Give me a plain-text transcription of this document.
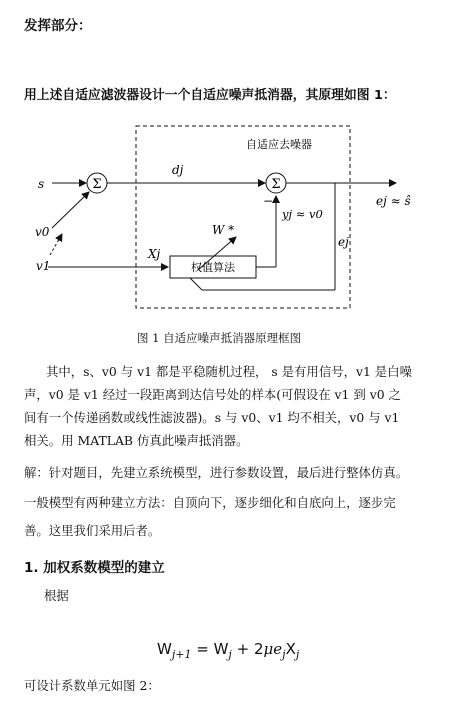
发挥部分：
用上述自适应滤波器设计一个自适应噪声抵消器，其原理如图 1：
自适应去噪器
Σ	Σ
s
v0
v1
dj
ej ≈ ŝ
−
ej
Xj
权值算法
yj ≈ v0
W *
图 1 自适应噪声抵消器原理框图
其中，s、v0 与 v1 都是平稳随机过程， s 是有用信号，v1 是白噪
声，v0 是 v1 经过一段距离到达信号处的样本(可假设在 v1 到 v0 之
间有一个传递函数或线性滤波器)。s 与 v0、v1 均不相关，v0 与 v1
相关。用 MATLAB 仿真此噪声抵消器。
解：针对题目，先建立系统模型，进行参数设置，最后进行整体仿真。
一般模型有两种建立方法：自顶向下，逐步细化和自底向上，逐步完
善。这里我们采用后者。
1. 加权系数模型的建立
根据
$W_{j+1} = W_j + 2\mu e_jX_j$
可设计系数单元如图 2：
